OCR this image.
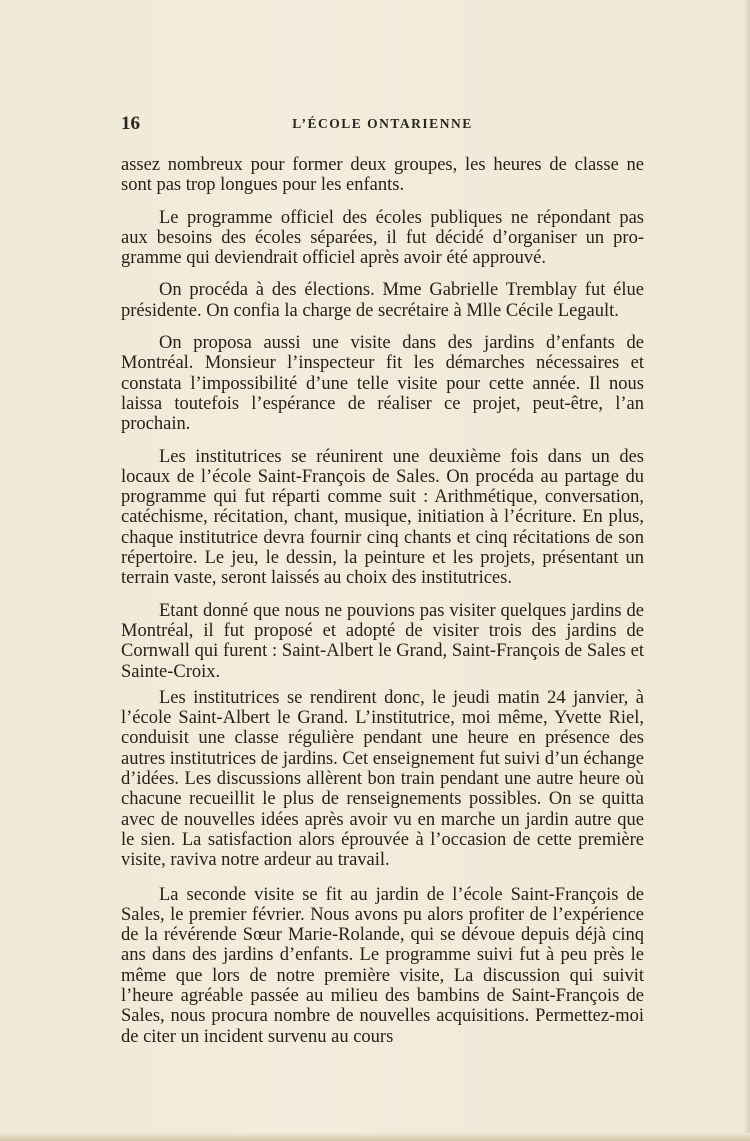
16	L’ÉCOLE ONTARIENNE

assez nombreux pour former deux groupes, les heures de classe ne sont pas trop longues pour les enfants.

Le programme officiel des écoles publiques ne répondant pas aux besoins des écoles séparées, il fut décidé d’organiser un programme qui deviendrait officiel après avoir été approuvé.

On procéda à des élections. Mme Gabrielle Tremblay fut élue présidente. On confia la charge de secrétaire à Mlle Cécile Legault.

On proposa aussi une visite dans des jardins d’enfants de Montréal. Monsieur l’inspecteur fit les démarches nécessaires et constata l’impossibilité d’une telle visite pour cette année. Il nous laissa toutefois l’espérance de réaliser ce projet, peut-être, l’an prochain.

Les institutrices se réunirent une deuxième fois dans un des locaux de l’école Saint-François de Sales. On procéda au partage du programme qui fut réparti comme suit : Arithmétique, conversation, catéchisme, récitation, chant, musique, initiation à l’écriture. En plus, chaque institutrice devra fournir cinq chants et cinq récitations de son répertoire. Le jeu, le dessin, la peinture et les projets, présentant un terrain vaste, seront laissés au choix des institutrices.

Etant donné que nous ne pouvions pas visiter quelques jardins de Montréal, il fut proposé et adopté de visiter trois des jardins de Cornwall qui furent : Saint-Albert le Grand, Saint-François de Sales et Sainte-Croix.

Les institutrices se rendirent donc, le jeudi matin 24 janvier, à l’école Saint-Albert le Grand. L’institutrice, moi même, Yvette Riel, conduisit une classe régulière pendant une heure en présence des autres institutrices de jardins. Cet enseignement fut suivi d’un échange d’idées. Les discussions allèrent bon train pendant une autre heure où chacune recueillit le plus de renseignements possibles. On se quitta avec de nouvelles idées après avoir vu en marche un jardin autre que le sien. La satisfaction alors éprouvée à l’occasion de cette première visite, raviva notre ardeur au travail.

La seconde visite se fit au jardin de l’école Saint-François de Sales, le premier février. Nous avons pu alors profiter de l’expérience de la révérende Sœur Marie-Rolande, qui se dévoue depuis déjà cinq ans dans des jardins d’enfants. Le programme suivi fut à peu près le même que lors de notre première visite, La discussion qui suivit l’heure agréable passée au milieu des bambins de Saint-François de Sales, nous procura nombre de nouvelles acquisitions. Permettez-moi de citer un incident survenu au cours
